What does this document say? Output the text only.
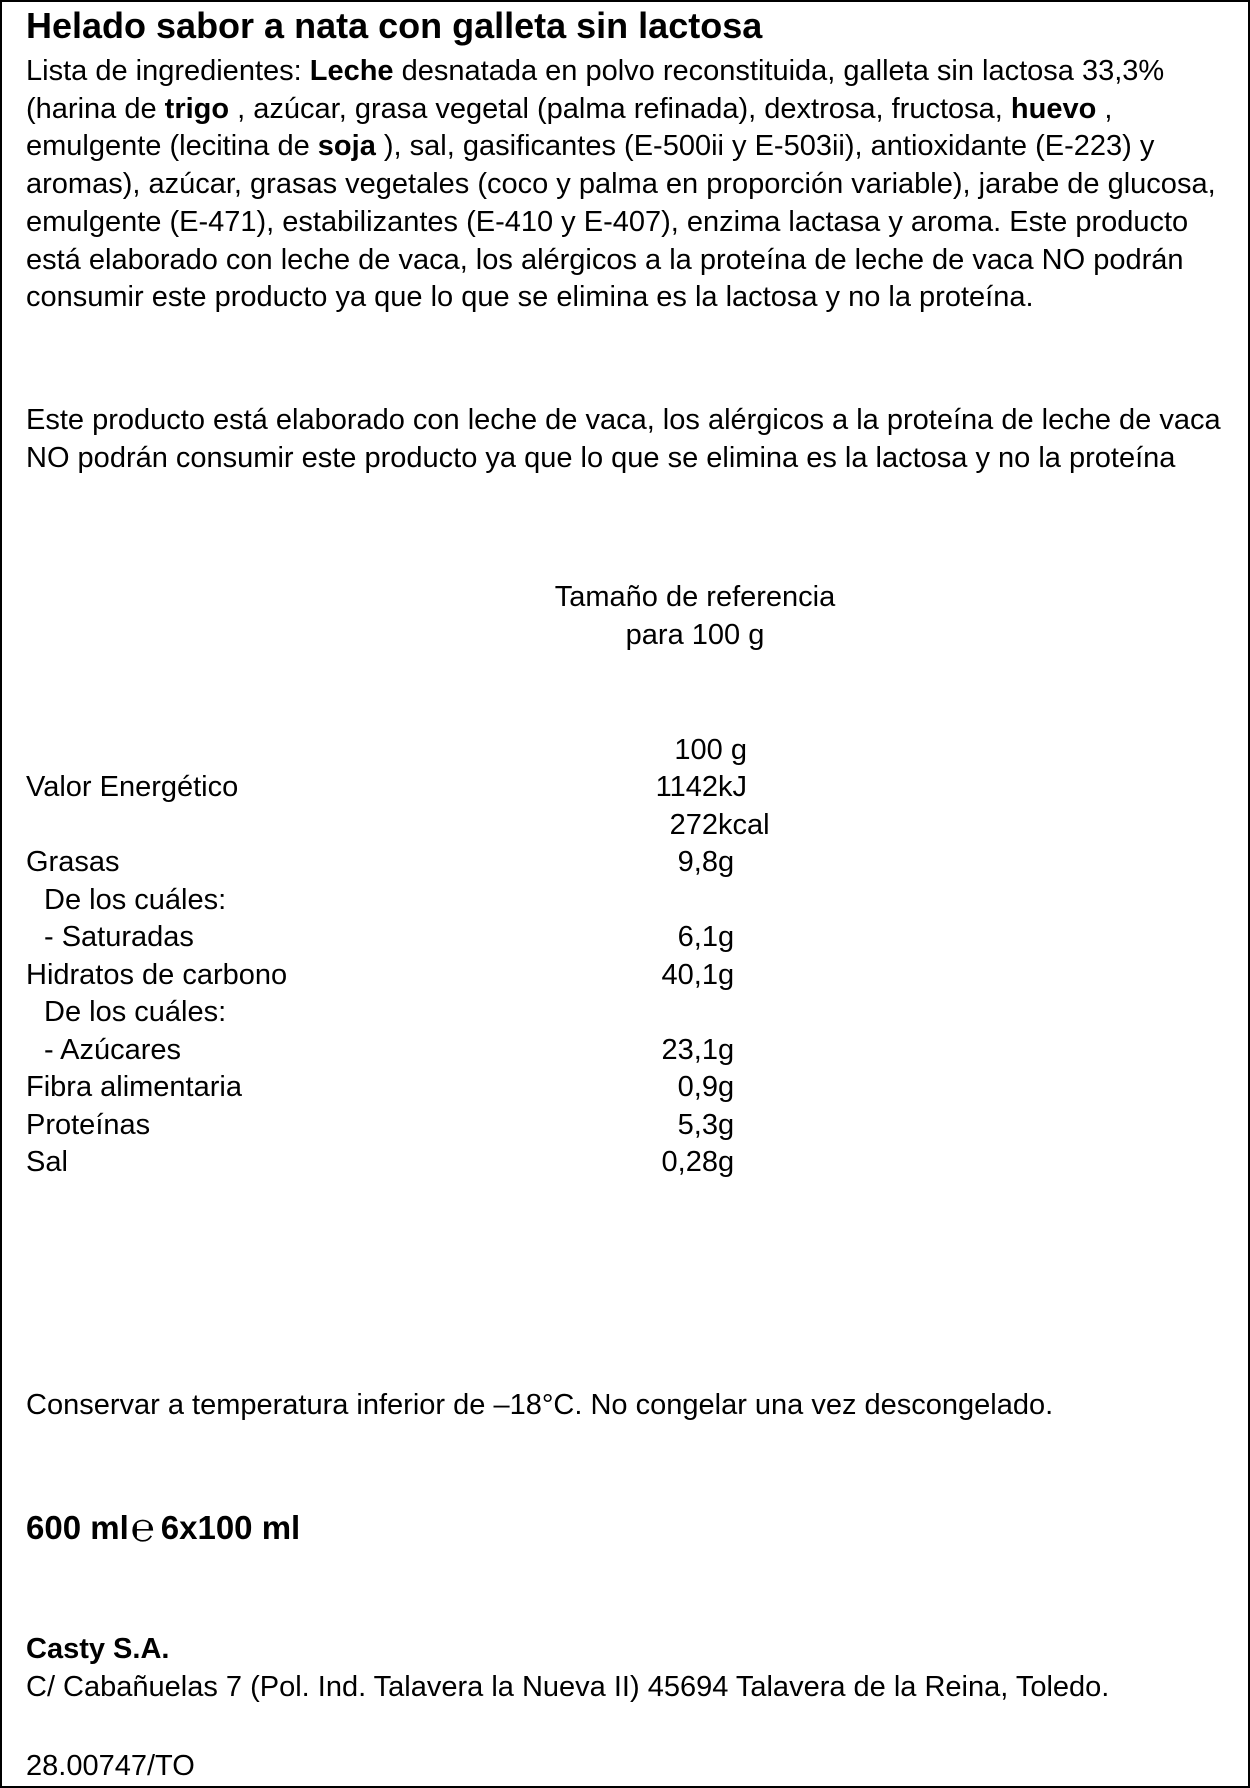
Helado sabor a nata con galleta sin lactosa
Lista de ingredientes: Leche desnatada en polvo reconstituida, galleta sin lactosa 33,3% (harina de trigo , azúcar, grasa vegetal (palma refinada), dextrosa, fructosa, huevo , emulgente (lecitina de soja ), sal, gasificantes (E-500ii y E-503ii), antioxidante (E-223) y aromas), azúcar, grasas vegetales (coco y palma en proporción variable), jarabe de glucosa, emulgente (E-471), estabilizantes (E-410 y E-407), enzima lactasa y aroma. Este producto está elaborado con leche de vaca, los alérgicos a la proteína de leche de vaca NO podrán consumir este producto ya que lo que se elimina es la lactosa y no la proteína.
Este producto está elaborado con leche de vaca, los alérgicos a la proteína de leche de vaca NO podrán consumir este producto ya que lo que se elimina es la lactosa y no la proteína
Tamaño de referencia
para 100 g
100 g
Valor Energético	1142 kJ
272 kcal
Grasas	9,8 g
De los cuáles:
- Saturadas	6,1 g
Hidratos de carbono	40,1 g
De los cuáles:
- Azúcares	23,1 g
Fibra alimentaria	0,9 g
Proteínas	5,3 g
Sal	0,28 g
Conservar a temperatura inferior de –18°C. No congelar una vez descongelado.
600 ml℮ 6x100 ml
Casty S.A.
C/ Cabañuelas 7 (Pol. Ind. Talavera la Nueva II) 45694 Talavera de la Reina, Toledo.
28.00747/TO
